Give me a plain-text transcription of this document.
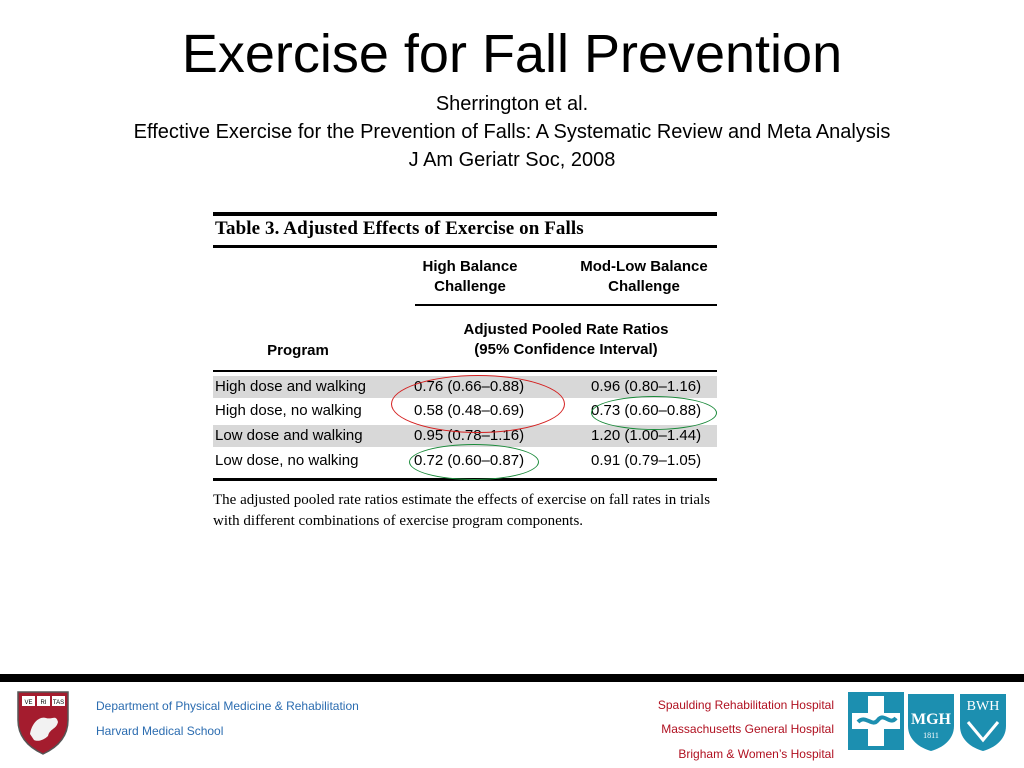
Exercise for Fall Prevention
Sherrington et al.
Effective Exercise for the Prevention of Falls: A Systematic Review and Meta Analysis
J Am Geriatr Soc, 2008
Table 3. Adjusted Effects of Exercise on Falls
High Balance
Challenge
Mod-Low Balance
Challenge
Adjusted Pooled Rate Ratios
(95% Confidence Interval)
Program
High dose and walking	0.76 (0.66–0.88)	0.96 (0.80–1.16)
High dose, no walking	0.58 (0.48–0.69)	0.73 (0.60–0.88)
Low dose and walking	0.95 (0.78–1.16)	1.20 (1.00–1.44)
Low dose, no walking	0.72 (0.60–0.87)	0.91 (0.79–1.05)
The adjusted pooled rate ratios estimate the effects of exercise on fall rates in trials with different combinations of exercise program components.
VE RI TAS	Department of Physical Medicine & Rehabilitation
Harvard Medical School
Spaulding Rehabilitation Hospital
Massachusetts General Hospital
Brigham & Women’s Hospital
MGH
1811
BWH
